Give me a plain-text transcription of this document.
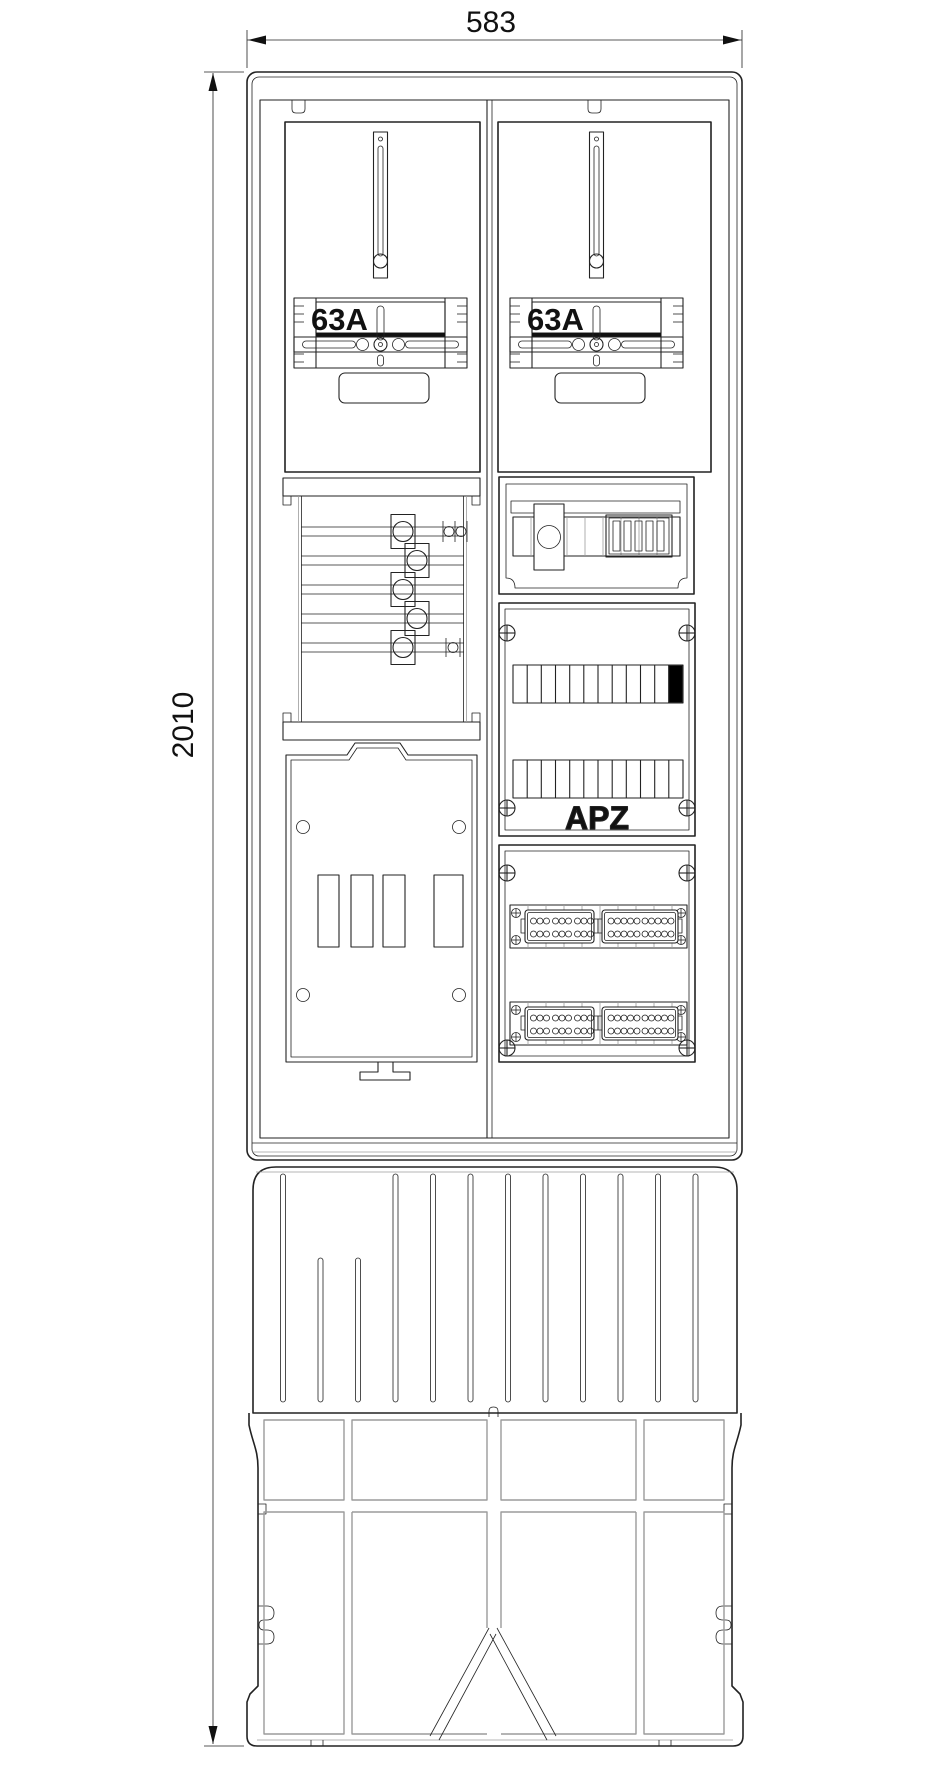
583
2010
63A	63A
APZ
